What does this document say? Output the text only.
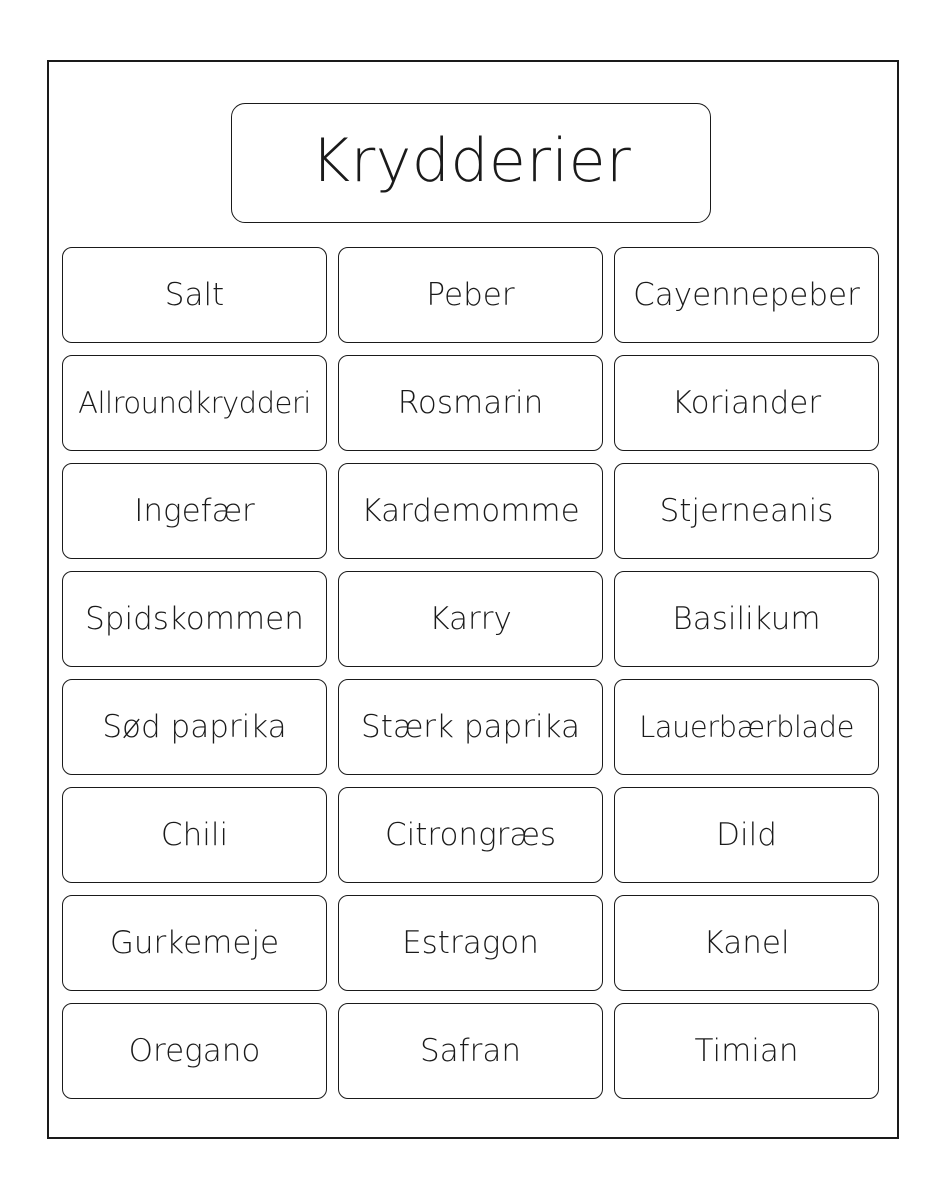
Krydderier
Salt	Peber	Cayennepeber
Allroundkrydderi	Rosmarin	Koriander
Ingefær	Kardemomme	Stjerneanis
Spidskommen	Karry	Basilikum
Sød paprika Stærk paprika Lauerbærblade
Chili	Citrongræs	Dild
Gurkemeje	Estragon	Kanel
Oregano	Safran	Timian
